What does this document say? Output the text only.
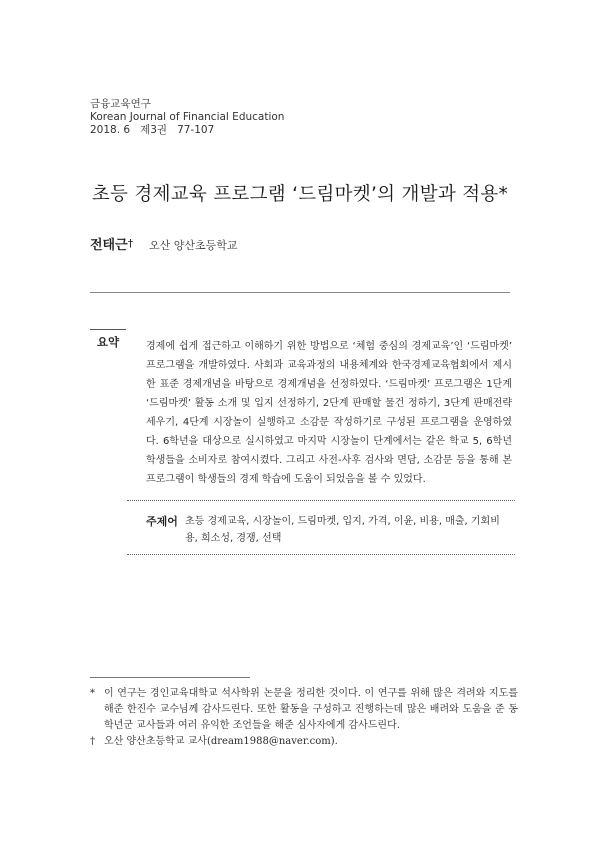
금융교육연구
Korean Journal of Financial Education
2018. 6   제3권   77-107
초등 경제교육 프로그램 ‘드림마켓’의 개발과 적용*
전태근† 오산 양산초등학교
요약	경제에 쉽게 접근하고 이해하기 위한 방법으로 ‘체험 중심의 경제교육’인 ‘드림마켓’ 프로그램을 개발하였다. 사회과 교육과정의 내용체계와 한국경제교육협회에서 제시한 표준 경제개념을 바탕으로 경제개념을 선정하였다. ‘드림마켓’ 프로그램은 1단계 ‘드림마켓’ 활동 소개 및 입지 선정하기, 2단계 판매할 물건 정하기, 3단계 판매전략 세우기, 4단계 시장놀이 실행하고 소감문 작성하기로 구성된 프로그램을 운영하였다. 6학년을 대상으로 실시하였고 마지막 시장놀이 단계에서는 같은 학교 5, 6학년 학생들을 소비자로 참여시켰다. 그리고 사전-사후 검사와 면담, 소감문 등을 통해 본 프로그램이 학생들의 경제 학습에 도움이 되었음을 볼 수 있었다.
주제어 초등 경제교육, 시장놀이, 드림마켓, 입지, 가격, 이윤, 비용, 매출, 기회비용, 희소성, 경쟁, 선택
* 이 연구는 경인교육대학교 석사학위 논문을 정리한 것이다. 이 연구를 위해 많은 격려와 지도를 해준 한진수 교수님께 감사드린다. 또한 활동을 구성하고 진행하는데 많은 배려와 도움을 준 동학년군 교사들과 여러 유익한 조언들을 해준 심사자에게 감사드린다.
† 오산 양산초등학교 교사(dream1988@naver.com).
